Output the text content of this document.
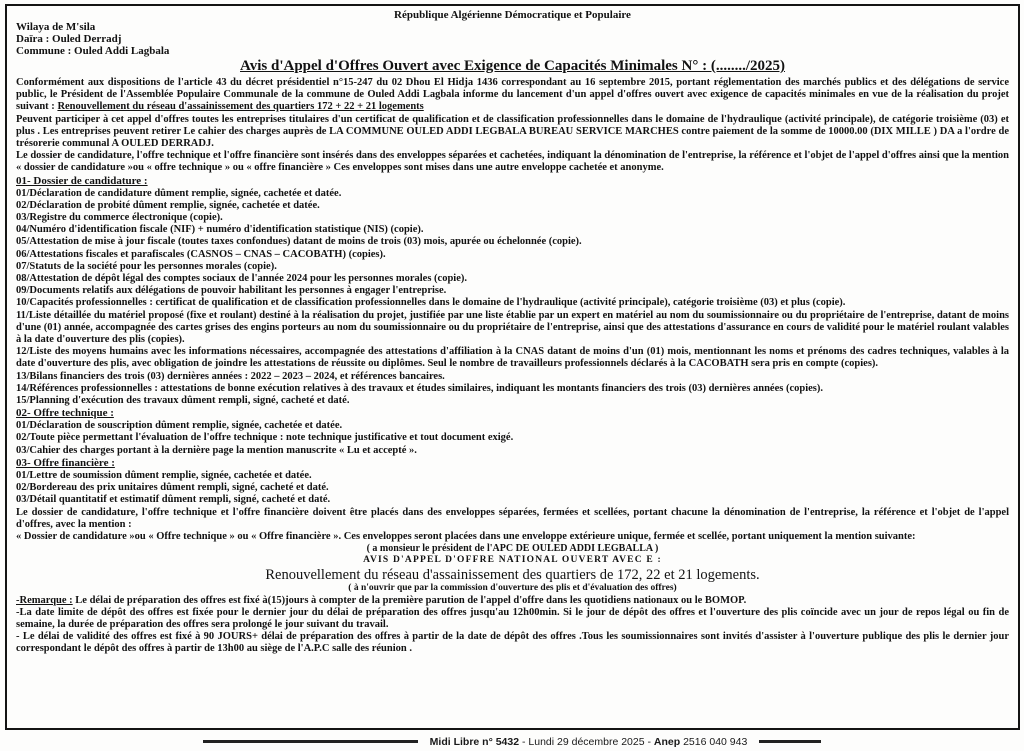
République Algérienne Démocratique et Populaire
Wilaya de M'sila
Daïra : Ouled Derradj
Commune : Ouled Addi Lagbala
Avis d'Appel d'Offres Ouvert avec Exigence de Capacités Minimales N° : (......../2025)

Conformément aux dispositions de l'article 43 du décret présidentiel n°15-247 du 02 Dhou El Hidja 1436 correspondant au 16 septembre 2015, portant réglementation des marchés publics et des délégations de service public, le Président de l'Assemblée Populaire Communale de la commune de Ouled Addi Lagbala informe du lancement d'un appel d'offres ouvert avec exigence de capacités minimales en vue de la réalisation du projet suivant : Renouvellement du réseau d'assainissement des quartiers 172 + 22 + 21 logements

Peuvent participer à cet appel d'offres toutes les entreprises titulaires d'un certificat de qualification et de classification professionnelles dans le domaine de l'hydraulique (activité principale), de catégorie troisième (03) et plus . Les entreprises peuvent retirer Le cahier des charges auprès de LA COMMUNE OULED ADDI LEGBALA BUREAU SERVICE MARCHES contre paiement de la somme de 10000.00 (DIX MILLE ) DA a l'ordre de trésorerie communal A OULED DERRADJ.

Le dossier de candidature, l'offre technique et l'offre financière sont insérés dans des enveloppes séparées et cachetées, indiquant la dénomination de l'entreprise, la référence et l'objet de l'appel d'offres ainsi que la mention « dossier de candidature »ou « offre technique » ou « offre financière » Ces enveloppes sont mises dans une autre enveloppe cachetée et anonyme.

01- Dossier de candidature :
01/Déclaration de candidature dûment remplie, signée, cachetée et datée.
02/Déclaration de probité dûment remplie, signée, cachetée et datée.
03/Registre du commerce électronique (copie).
04/Numéro d'identification fiscale (NIF) + numéro d'identification statistique (NIS) (copie).
05/Attestation de mise à jour fiscale (toutes taxes confondues) datant de moins de trois (03) mois, apurée ou échelonnée (copie).
06/Attestations fiscales et parafiscales (CASNOS – CNAS – CACOBATH) (copies).
07/Statuts de la société pour les personnes morales (copie).
08/Attestation de dépôt légal des comptes sociaux de l'année 2024 pour les personnes morales (copie).
09/Documents relatifs aux délégations de pouvoir habilitant les personnes à engager l'entreprise.
10/Capacités professionnelles : certificat de qualification et de classification professionnelles dans le domaine de l'hydraulique (activité principale), catégorie troisième (03) et plus (copie).
11/Liste détaillée du matériel proposé (fixe et roulant) destiné à la réalisation du projet, justifiée par une liste établie par un expert en matériel au nom du soumissionnaire ou du propriétaire de l'entreprise, datant de moins d'une (01) année, accompagnée des cartes grises des engins porteurs au nom du soumissionnaire ou du propriétaire de l'entreprise, ainsi que des attestations d'assurance en cours de validité pour le matériel roulant valables à la date d'ouverture des plis (copies).
12/Liste des moyens humains avec les informations nécessaires, accompagnée des attestations d'affiliation à la CNAS datant de moins d'un (01) mois, mentionnant les noms et prénoms des cadres techniques, valables à la date d'ouverture des plis, avec obligation de joindre les attestations de réussite ou diplômes. Seul le nombre de travailleurs professionnels déclarés à la CACOBATH sera pris en compte (copies).
13/Bilans financiers des trois (03) dernières années : 2022 – 2023 – 2024, et références bancaires.
14/Références professionnelles : attestations de bonne exécution relatives à des travaux et études similaires, indiquant les montants financiers des trois (03) dernières années (copies).
15/Planning d'exécution des travaux dûment rempli, signé, cacheté et daté.
02- Offre technique :
01/Déclaration de souscription dûment remplie, signée, cachetée et datée.
02/Toute pièce permettant l'évaluation de l'offre technique : note technique justificative et tout document exigé.
03/Cahier des charges portant à la dernière page la mention manuscrite « Lu et accepté ».
03- Offre financière :
01/Lettre de soumission dûment remplie, signée, cachetée et datée.
02/Bordereau des prix unitaires dûment rempli, signé, cacheté et daté.
03/Détail quantitatif et estimatif dûment rempli, signé, cacheté et daté.

Le dossier de candidature, l'offre technique et l'offre financière doivent être placés dans des enveloppes séparées, fermées et scellées, portant chacune la dénomination de l'entreprise, la référence et l'objet de l'appel d'offres, avec la mention :

« Dossier de candidature »ou « Offre technique » ou « Offre financière ». Ces enveloppes seront placées dans une enveloppe extérieure unique, fermée et scellée, portant uniquement la mention suivante:

( a monsieur le président de l'APC DE OULED ADDI LEGBALLA )
AVIS D'APPEL D'OFFRE NATIONAL OUVERT AVEC E :
Renouvellement du réseau d'assainissement des quartiers de 172, 22 et 21 logements.
( à n'ouvrir que par la commission d'ouverture des plis et d'évaluation des offres)

-Remarque : Le délai de préparation des offres est fixé à(15)jours à compter de la première parution de l'appel d'offre dans les quotidiens nationaux ou le BOMOP.

-La date limite de dépôt des offres est fixée pour le dernier jour du délai de préparation des offres jusqu'au 12h00min. Si le jour de dépôt des offres et l'ouverture des plis coïncide avec un jour de repos légal ou fin de semaine, la durée de préparation des offres sera prolongé le jour suivant du travail.

- Le délai de validité des offres est fixé à 90 JOURS+ délai de préparation des offres à partir de la date de dépôt des offres .Tous les soumissionnaires sont invités d'assister à l'ouverture publique des plis le dernier jour correspondant le dépôt des offres à partir de 13h00 au siège de l'A.P.C salle des réunion .

Midi Libre n° 5432 - Lundi 29 décembre 2025 - Anep 2516 040 943
